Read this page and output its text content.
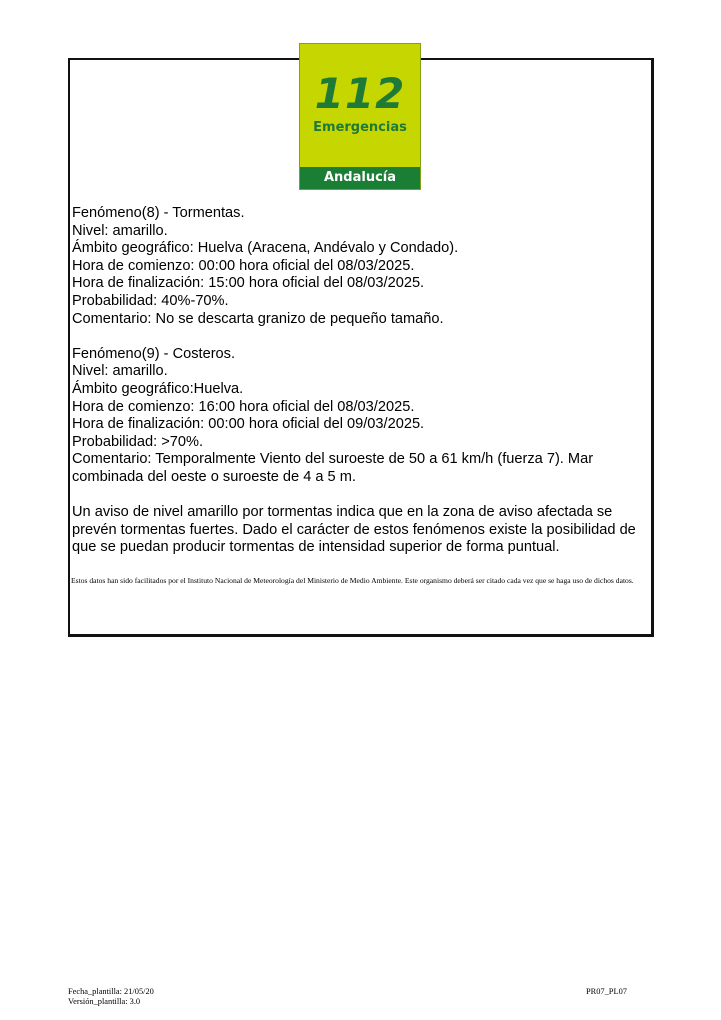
112
Emergencias
Andalucía

Fenómeno(8) - Tormentas.

Nivel: amarillo.

Ámbito geográfico: Huelva (Aracena, Andévalo y Condado).

Hora de comienzo: 00:00 hora oficial del 08/03/2025.

Hora de finalización: 15:00 hora oficial del 08/03/2025.

Probabilidad: 40%-70%.

Comentario: No se descarta granizo de pequeño tamaño.

Fenómeno(9) - Costeros.

Nivel: amarillo.

Ámbito geográfico:Huelva.

Hora de comienzo: 16:00 hora oficial del 08/03/2025.

Hora de finalización: 00:00 hora oficial del 09/03/2025.

Probabilidad: >70%.

Comentario: Temporalmente Viento del suroeste de 50 a 61 km/h (fuerza 7). Mar combinada del oeste o suroeste de 4 a 5 m.

Un aviso de nivel amarillo por tormentas indica que en la zona de aviso afectada se prevén tormentas fuertes. Dado el carácter de estos fenómenos existe la posibilidad de que se puedan producir tormentas de intensidad superior de forma puntual.

Estos datos han sido facilitados por el Instituto Nacional de Meteorología del Ministerio de Medio Ambiente. Este organismo deberá ser citado cada vez que se haga uso de dichos datos.
Fecha_plantilla: 21/05/20
Versión_plantilla: 3.0
PR07_PL07
